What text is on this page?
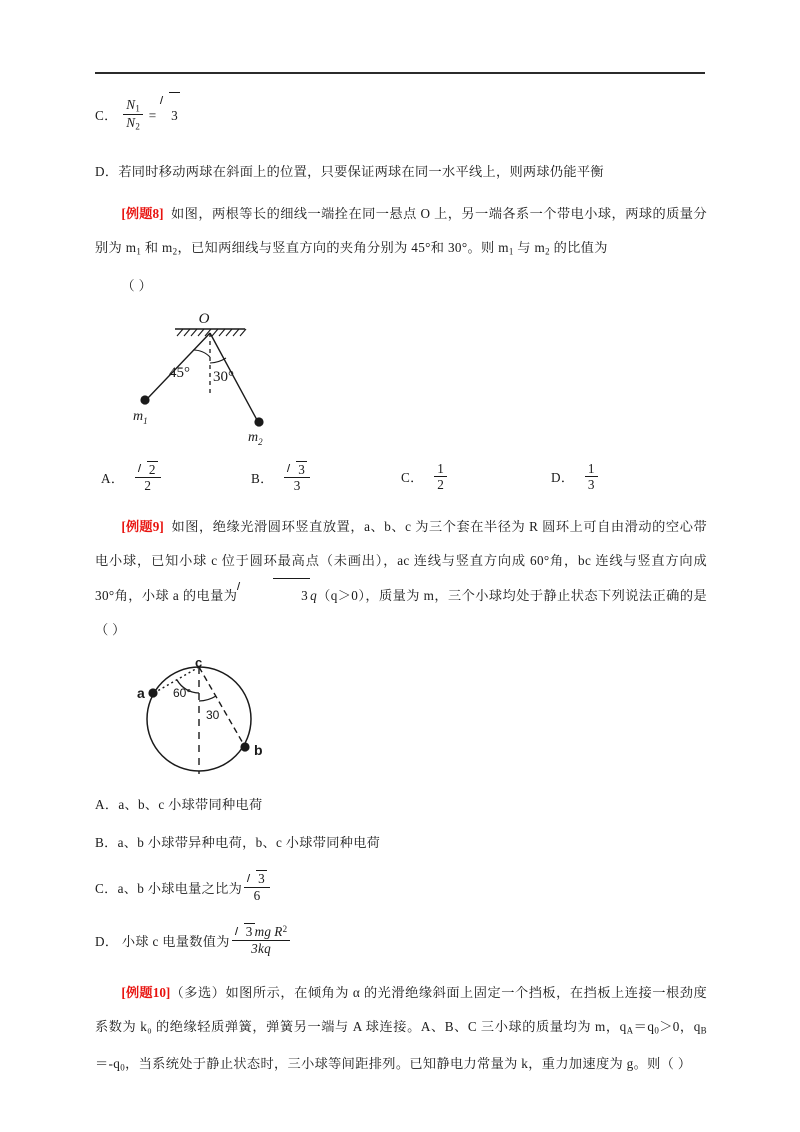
C． $\frac{N_1}{N_2} = 3$
D．若同时移动两球在斜面上的位置，只要保证两球在同一水平线上，则两球仍能平衡
[例题8] 如图，两根等长的细线一端拴在同一悬点 O 上，另一端各系一个带电小球，两球的质量分别为 $m_1$ 和 $m_2$，已知两细线与竖直方向的夹角分别为 45°和 30°。则 $m_1$ 与 $m_2$ 的比值为
（ ）
O
45° 30°
$m_1$
$m_2$
A． $\frac{2}{2}$	B． $\frac{3}{3}$	C． $\frac{1}{2}$	D． $\frac{1}{3}$
[例题9] 如图，绝缘光滑圆环竖直放置，a、b、c 为三个套在半径为 R 圆环上可自由滑动的空心带电小球，已知小球 c 位于圆环最高点（未画出），ac 连线与竖直方向成 60°角，bc 连线与竖直方向成 30°角，小球 a 的电量为	3 q（q＞0），质量为 m，三个小球均处于静止状态下列说法正确的是（ ）
a
b
c
60°
30
A．a、b、c 小球带同种电荷
B．a、b 小球带异种电荷，b、c 小球带同种电荷
C．a、b 小球电量之比为 $\frac{3}{6}$
D． 小球 c 电量数值为 $\frac{3 mg R^2}{3kq}$
[例题10]（多选）如图所示，在倾角为 α 的光滑绝缘斜面上固定一个挡板，在挡板上连接一根劲度系数为 k₀ 的绝缘轻质弹簧，弹簧另一端与 A 球连接。A、B、C 三小球的质量均为 m，$q_A=q_0>0$，$q_B=‐q_0$，当系统处于静止状态时，三小球等间距排列。已知静电力常量为 k，重力加速度为 g。则（ ）
